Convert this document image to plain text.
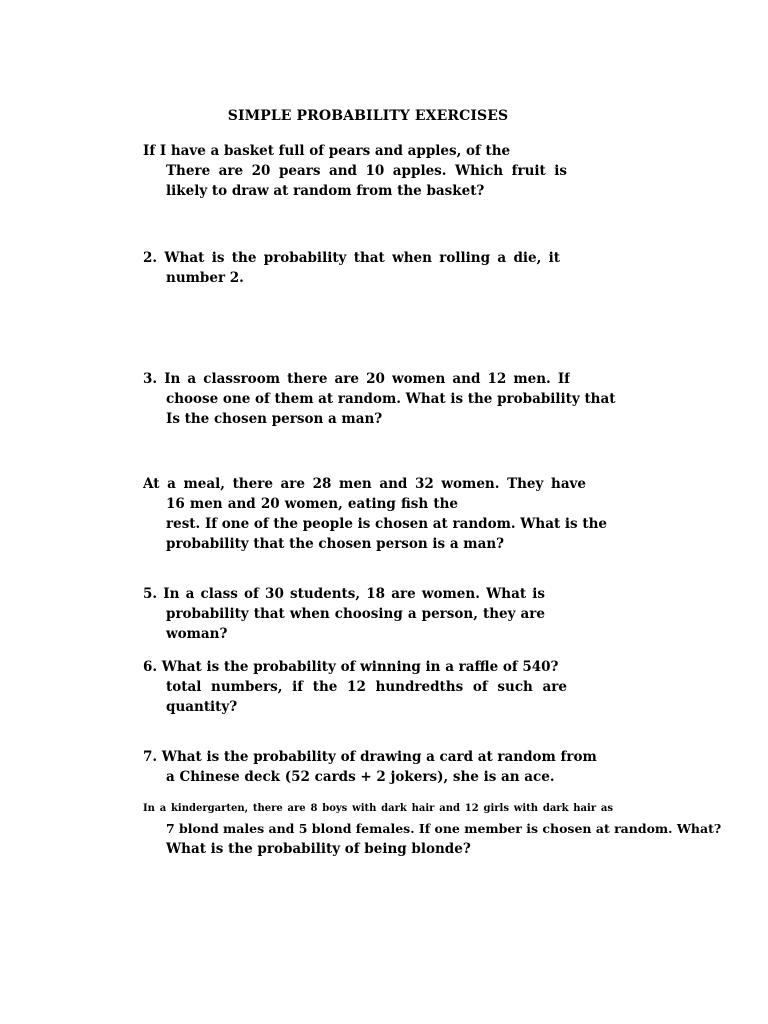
SIMPLE PROBABILITY EXERCISES
If I have a basket full of pears and apples, of the
There are 20 pears and 10 apples. Which fruit is
likely to draw at random from the basket?
2. What is the probability that when rolling a die, it
number 2.
3. In a classroom there are 20 women and 12 men. If
choose one of them at random. What is the probability that
Is the chosen person a man?
At a meal, there are 28 men and 32 women. They have
16 men and 20 women, eating fish the
rest. If one of the people is chosen at random. What is the
probability that the chosen person is a man?
5. In a class of 30 students, 18 are women. What is
probability that when choosing a person, they are
woman?
6. What is the probability of winning in a raffle of 540?
total numbers, if the 12 hundredths of such are
quantity?
7. What is the probability of drawing a card at random from
a Chinese deck (52 cards + 2 jokers), she is an ace.
In a kindergarten, there are 8 boys with dark hair and 12 girls with dark hair as
7 blond males and 5 blond females. If one member is chosen at random. What?
What is the probability of being blonde?
